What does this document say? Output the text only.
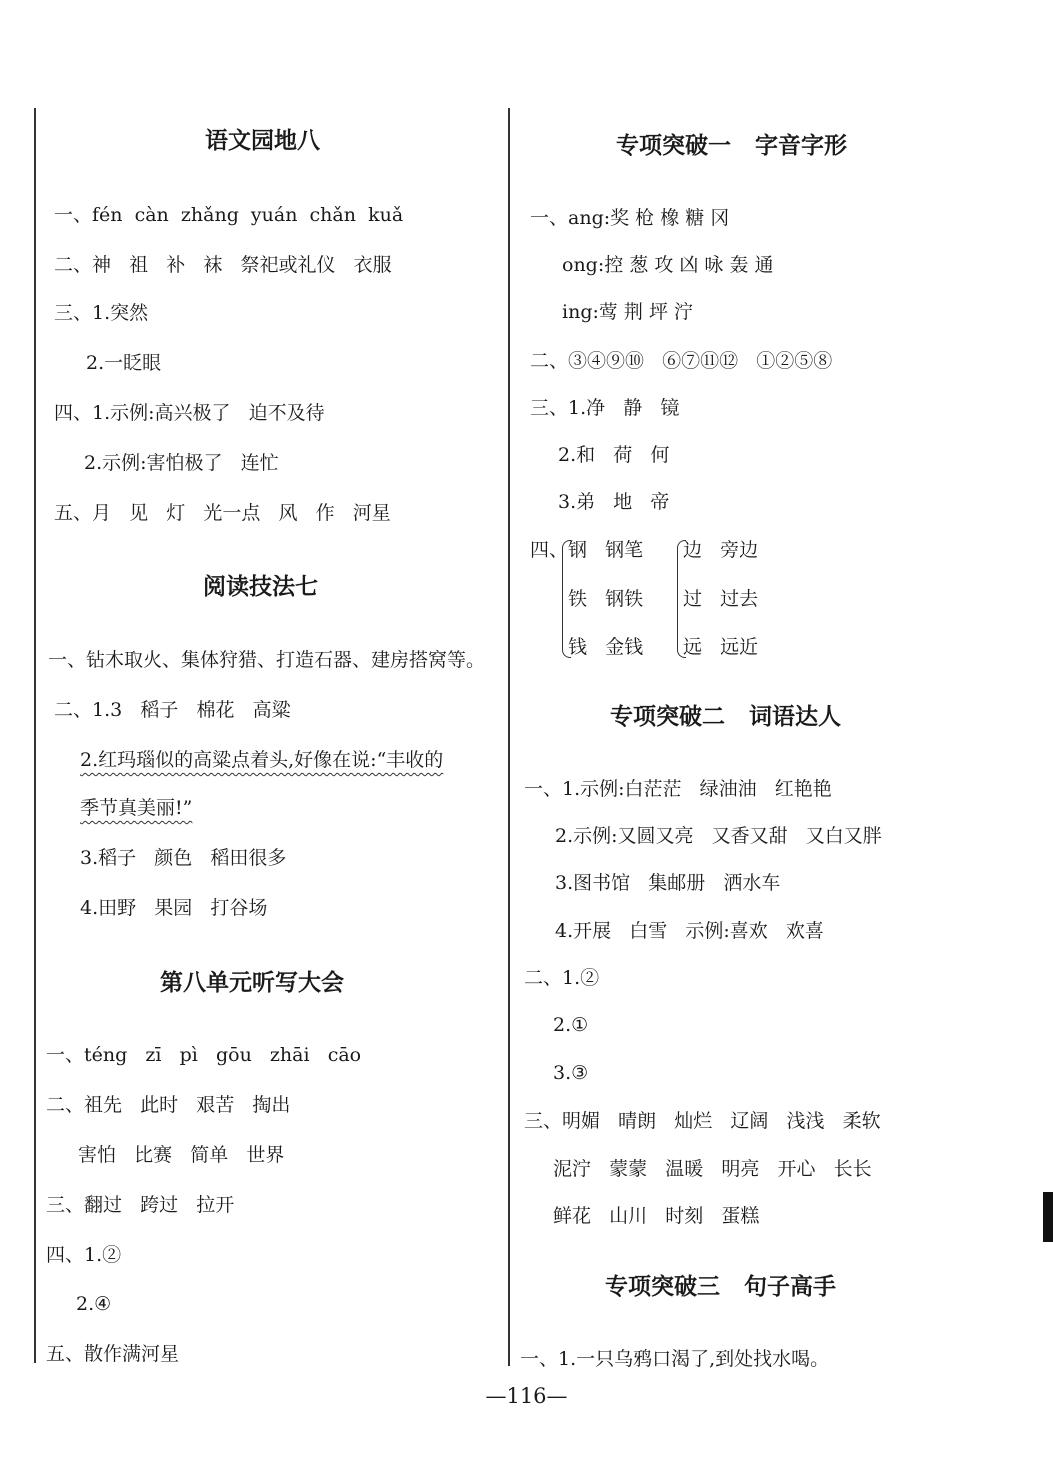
语文园地八
一、fén  càn  zhǎng  yuán  chǎn  kuǎ
二、神   祖   补   袜   祭祀或礼仪   衣服
三、1.突然
2.一眨眼
四、1.示例:高兴极了   迫不及待
2.示例:害怕极了   连忙
五、月   见   灯   光一点   风   作   河星
阅读技法七
一、钻木取火、集体狩猎、打造石器、建房搭窝等。
二、1.3   稻子   棉花   高粱
2.红玛瑙似的高粱点着头,好像在说:“丰收的
季节真美丽!”
3.稻子   颜色   稻田很多
4.田野   果园   打谷场
第八单元听写大会
一、téng   zī   pì   gōu   zhāi   cāo
二、祖先   此时   艰苦   掏出
害怕   比赛   简单   世界
三、翻过   跨过   拉开
四、1.②
2.④
五、散作满河星
专项突破一   字音字形
一、ang:奖 枪 橡 糖 冈
ong:控 葱 攻 凶 咏 轰 通
ing:莺 荆 坪 泞
二、③④⑨⑩   ⑥⑦⑪⑫   ①②⑤⑧
三、1.净   静   镜
2.和   荷   何
3.弟   地   帝
四、 钢   钢笔
铁   钢铁
钱   金钱
边   旁边
过   过去
远   远近
专项突破二   词语达人
一、1.示例:白茫茫   绿油油   红艳艳
2.示例:又圆又亮   又香又甜   又白又胖
3.图书馆   集邮册   洒水车
4.开展   白雪   示例:喜欢   欢喜
二、1.②
2.①
3.③
三、明媚   晴朗   灿烂   辽阔   浅浅   柔软
泥泞   蒙蒙   温暖   明亮   开心   长长
鲜花   山川   时刻   蛋糕
专项突破三   句子高手
一、1.一只乌鸦口渴了,到处找水喝。
—116—
